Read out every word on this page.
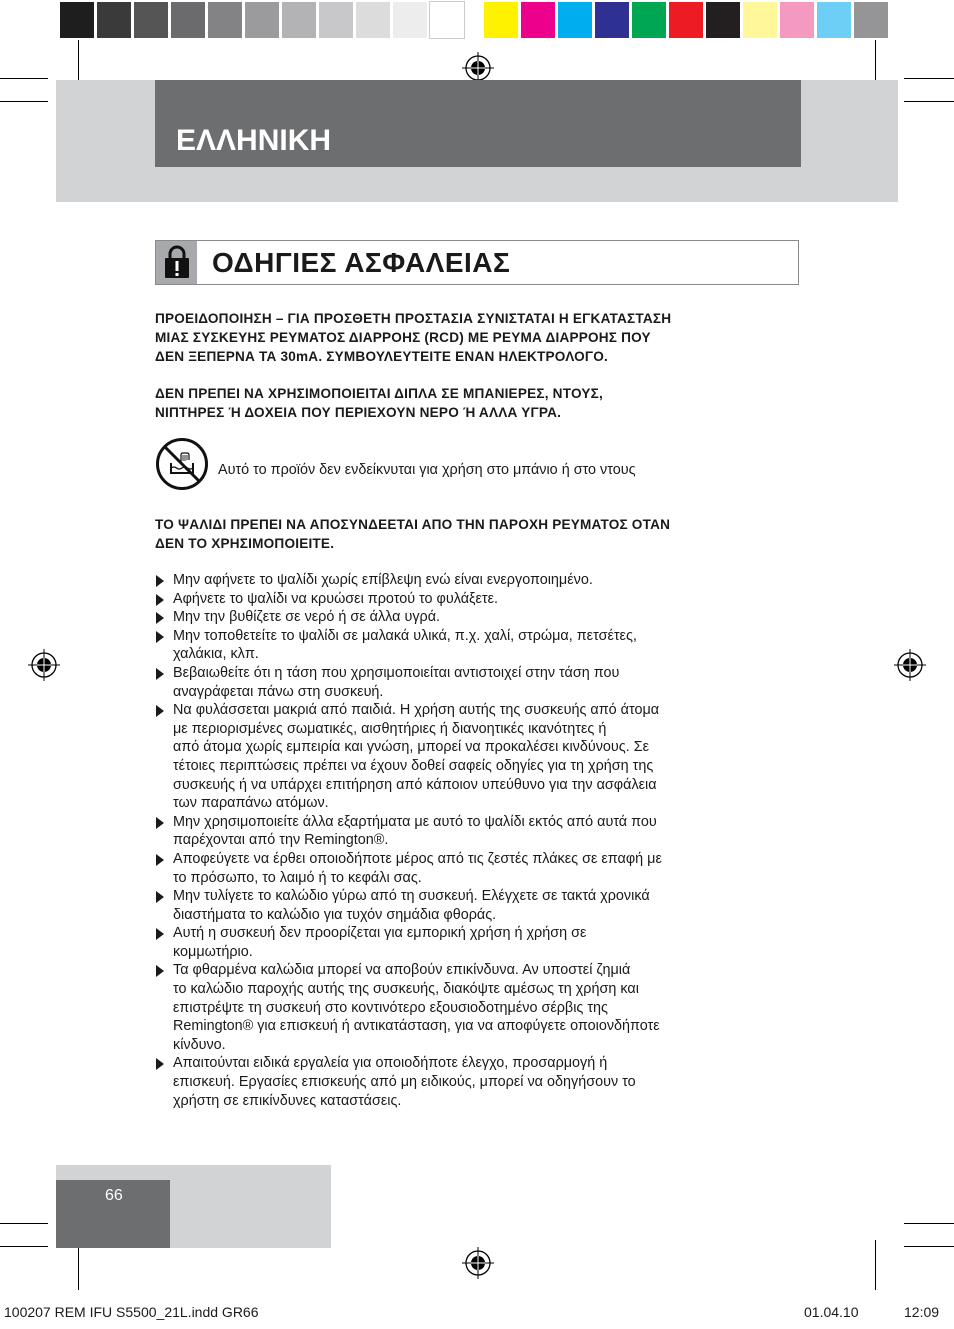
ΕΛΛΗΝΙΚΗ
ΟΔΗΓΙΕΣ ΑΣΦΑΛΕΙΑΣ
ΠΡΟΕΙΔΟΠΟΙΗΣΗ – ΓΙΑ ΠΡΟΣΘΕΤΗ ΠΡΟΣΤΑΣΙΑ ΣΥΝΙΣΤΑΤΑΙ Η ΕΓΚΑΤΑΣΤΑΣΗ
ΜΙΑΣ ΣΥΣΚΕΥΗΣ ΡΕΥΜΑΤΟΣ ΔΙΑΡΡΟΗΣ (RCD) ΜΕ ΡΕΥΜΑ ΔΙΑΡΡΟΗΣ ΠΟΥ
ΔΕΝ ΞΕΠΕΡΝΑ ΤΑ 30mA. ΣΥΜΒΟΥΛΕΥΤΕΙΤΕ ΕΝΑΝ ΗΛΕΚΤΡΟΛΟΓΟ.
ΔΕΝ ΠΡΕΠΕΙ ΝΑ ΧΡΗΣΙΜΟΠΟΙΕΙΤΑΙ ΔΙΠΛΑ ΣΕ ΜΠΑΝΙΕΡΕΣ, ΝΤΟΥΣ,
ΝΙΠΤΗΡΕΣ Ή ΔΟΧΕΙΑ ΠΟΥ ΠΕΡΙΕΧΟΥΝ ΝΕΡΟ Ή ΑΛΛΑ ΥΓΡΑ.
Αυτό το προϊόν δεν ενδείκνυται για χρήση στο μπάνιο ή στο ντους
ΤΟ ΨΑΛΙΔΙ ΠΡΕΠΕΙ ΝΑ ΑΠΟΣΥΝΔΕΕΤΑΙ ΑΠΟ ΤΗΝ ΠΑΡΟΧΗ ΡΕΥΜΑΤΟΣ ΟΤΑΝ
ΔΕΝ ΤΟ ΧΡΗΣΙΜΟΠΟΙΕΙΤΕ.
Μην αφήνετε το ψαλίδι χωρίς επίβλεψη ενώ είναι ενεργοποιημένο.
Αφήνετε το ψαλίδι να κρυώσει προτού το φυλάξετε.
Μην την βυθίζετε σε νερό ή σε άλλα υγρά.
Μην τοποθετείτε το ψαλίδι σε μαλακά υλικά, π.χ. χαλί, στρώμα, πετσέτες,
χαλάκια, κλπ.
Βεβαιωθείτε ότι η τάση που χρησιμοποιείται αντιστοιχεί στην τάση που
αναγράφεται πάνω στη συσκευή.
Να φυλάσσεται μακριά από παιδιά. Η χρήση αυτής της συσκευής από άτομα
με περιορισμένες σωματικές, αισθητήριες ή διανοητικές ικανότητες ή
από άτομα χωρίς εμπειρία και γνώση, μπορεί να προκαλέσει κινδύνους. Σε
τέτοιες περιπτώσεις πρέπει να έχουν δοθεί σαφείς οδηγίες για τη χρήση της
συσκευής ή να υπάρχει επιτήρηση από κάποιον υπεύθυνο για την ασφάλεια
των παραπάνω ατόμων.
Μην χρησιμοποιείτε άλλα εξαρτήματα με αυτό το ψαλίδι εκτός από αυτά που
παρέχονται από την Remington®.
Αποφεύγετε να έρθει οποιοδήποτε μέρος από τις ζεστές πλάκες σε επαφή με
το πρόσωπο, το λαιμό ή το κεφάλι σας.
Μην τυλίγετε το καλώδιο γύρω από τη συσκευή. Ελέγχετε σε τακτά χρονικά
διαστήματα το καλώδιο για τυχόν σημάδια φθοράς.
Αυτή η συσκευή δεν προορίζεται για εμπορική χρήση ή χρήση σε
κομμωτήριο.
Τα φθαρμένα καλώδια μπορεί να αποβούν επικίνδυνα. Αν υποστεί ζημιά
το καλώδιο παροχής αυτής της συσκευής, διακόψτε αμέσως τη χρήση και
επιστρέψτε τη συσκευή στο κοντινότερο εξουσιοδοτημένο σέρβις της
Remington® για επισκευή ή αντικατάσταση, για να αποφύγετε οποιονδήποτε
κίνδυνο.
Απαιτούνται ειδικά εργαλεία για οποιοδήποτε έλεγχο, προσαρμογή ή
επισκευή. Εργασίες επισκευής από μη ειδικούς, μπορεί να οδηγήσουν το
χρήστη σε επικίνδυνες καταστάσεις.
66
100207 REM IFU S5500_21L.indd GR66	01.04.10	12:09
